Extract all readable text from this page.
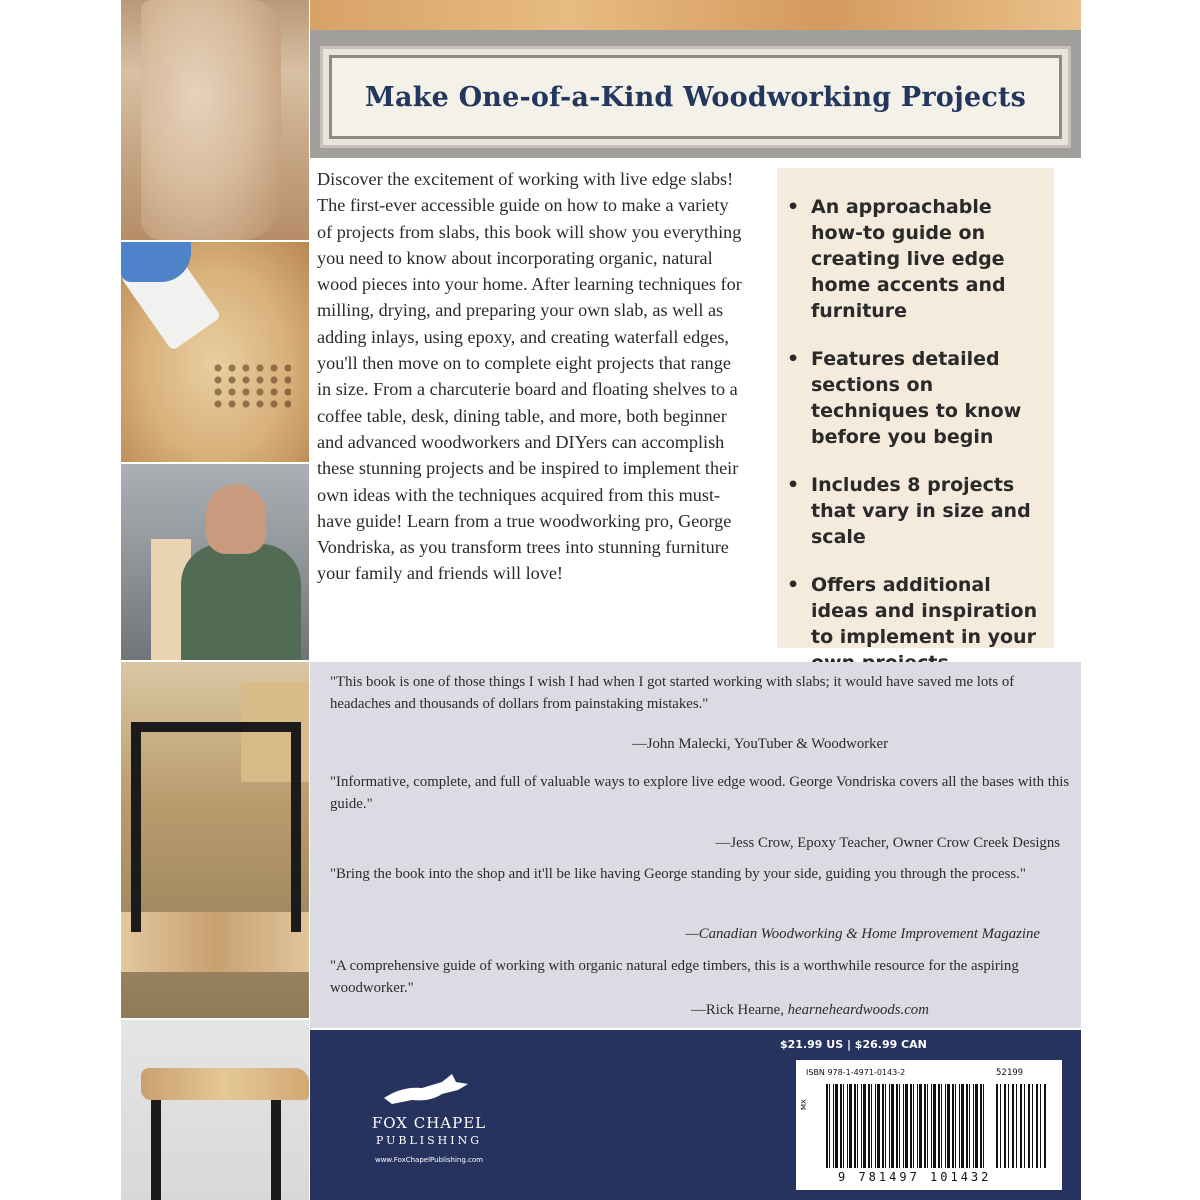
Make One-of-a-Kind Woodworking Projects
Discover the excitement of working with live edge slabs! The first-ever accessible guide on how to make a variety of projects from slabs, this book will show you everything you need to know about incorporating organic, natural wood pieces into your home. After learning techniques for milling, drying, and preparing your own slab, as well as adding inlays, using epoxy, and creating waterfall edges, you'll then move on to complete eight projects that range in size. From a charcuterie board and floating shelves to a coffee table, desk, dining table, and more, both beginner and advanced woodworkers and DIYers can accomplish these stunning projects and be inspired to implement their own ideas with the techniques acquired from this must-have guide! Learn from a true woodworking pro, George Vondriska, as you transform trees into stunning furniture your family and friends will love!
• An approachable how-to guide on creating live edge home accents and furniture
• Features detailed sections on techniques to know before you begin
• Includes 8 projects that vary in size and scale
• Offers additional ideas and inspiration to implement in your
"This book is one of those things I wish I had when I got started working with slabs; it would have saved me lots of headaches and thousands of dollars from painstaking mistakes."
—John Malecki, YouTuber & Woodworker
"Informative, complete, and full of valuable ways to explore live edge wood. George Vondriska covers all the bases with this guide."
—Jess Crow, Epoxy Teacher, Owner Crow Creek Designs
"Bring the book into the shop and it'll be like having George standing by your side, guiding you through the process."
—Canadian Woodworking & Home Improvement Magazine
"A comprehensive guide of working with organic natural edge timbers, this is a worthwhile resource for the aspiring woodworker."
—Rick Hearne, hearneheardwoods.com
FOX CHAPEL
PUBLISHING
www.FoxChapelPublishing.com
$21.99 US | $26.99 CAN
ISBN 978-1-4971-0143-2	52199
MX
9 781497 101432
